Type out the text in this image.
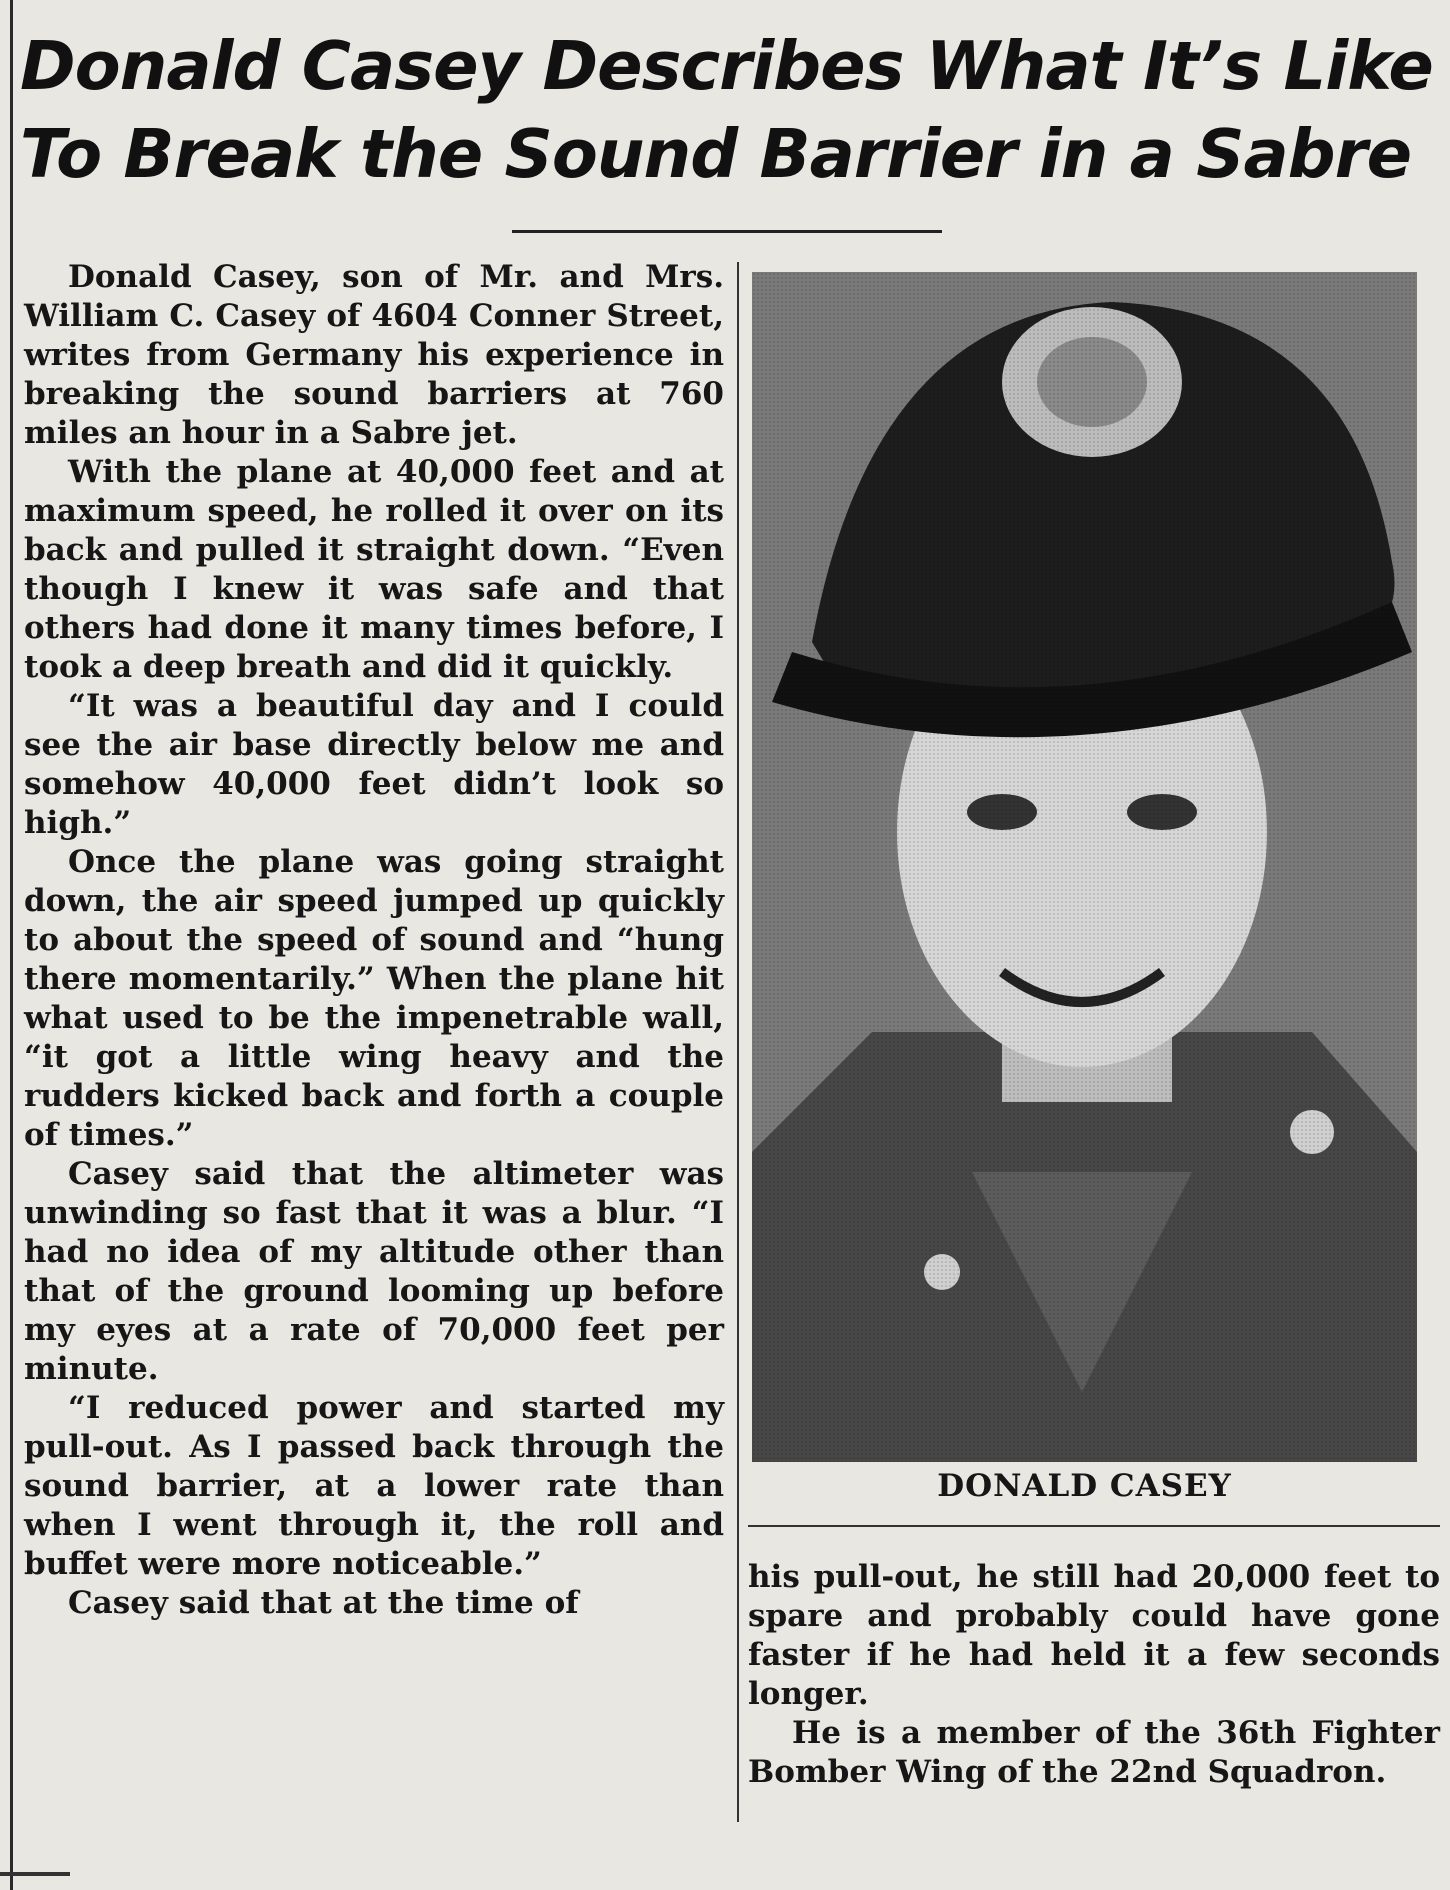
Donald Casey Describes What It’s Like
To Break the Sound Barrier in a Sabre

Donald Casey, son of Mr. and Mrs. William C. Casey of 4604 Conner Street, writes from Germany his experience in breaking the sound barriers at 760 miles an hour in a Sabre jet.

With the plane at 40,000 feet and at maximum speed, he rolled it over on its back and pulled it straight down. “Even though I knew it was safe and that others had done it many times before, I took a deep breath and did it quickly.

“It was a beautiful day and I could see the air base directly below me and somehow 40,000 feet didn’t look so high.”

Once the plane was going straight down, the air speed jumped up quickly to about the speed of sound and “hung there momentarily.” When the plane hit what used to be the impenetrable wall, “it got a little wing heavy and the rudders kicked back and forth a couple of times.”

Casey said that the altimeter was unwinding so fast that it was a blur. “I had no idea of my altitude other than that of the ground looming up before my eyes at a rate of 70,000 feet per minute.

“I reduced power and started my pull-out. As I passed back through the sound barrier, at a lower rate than when I went through it, the roll and buffet were more noticeable.”

Casey said that at the time of

DONALD CASEY

his pull-out, he still had 20,000 feet to spare and probably could have gone faster if he had held it a few seconds longer.

He is a member of the 36th Fighter Bomber Wing of the 22nd Squadron.
